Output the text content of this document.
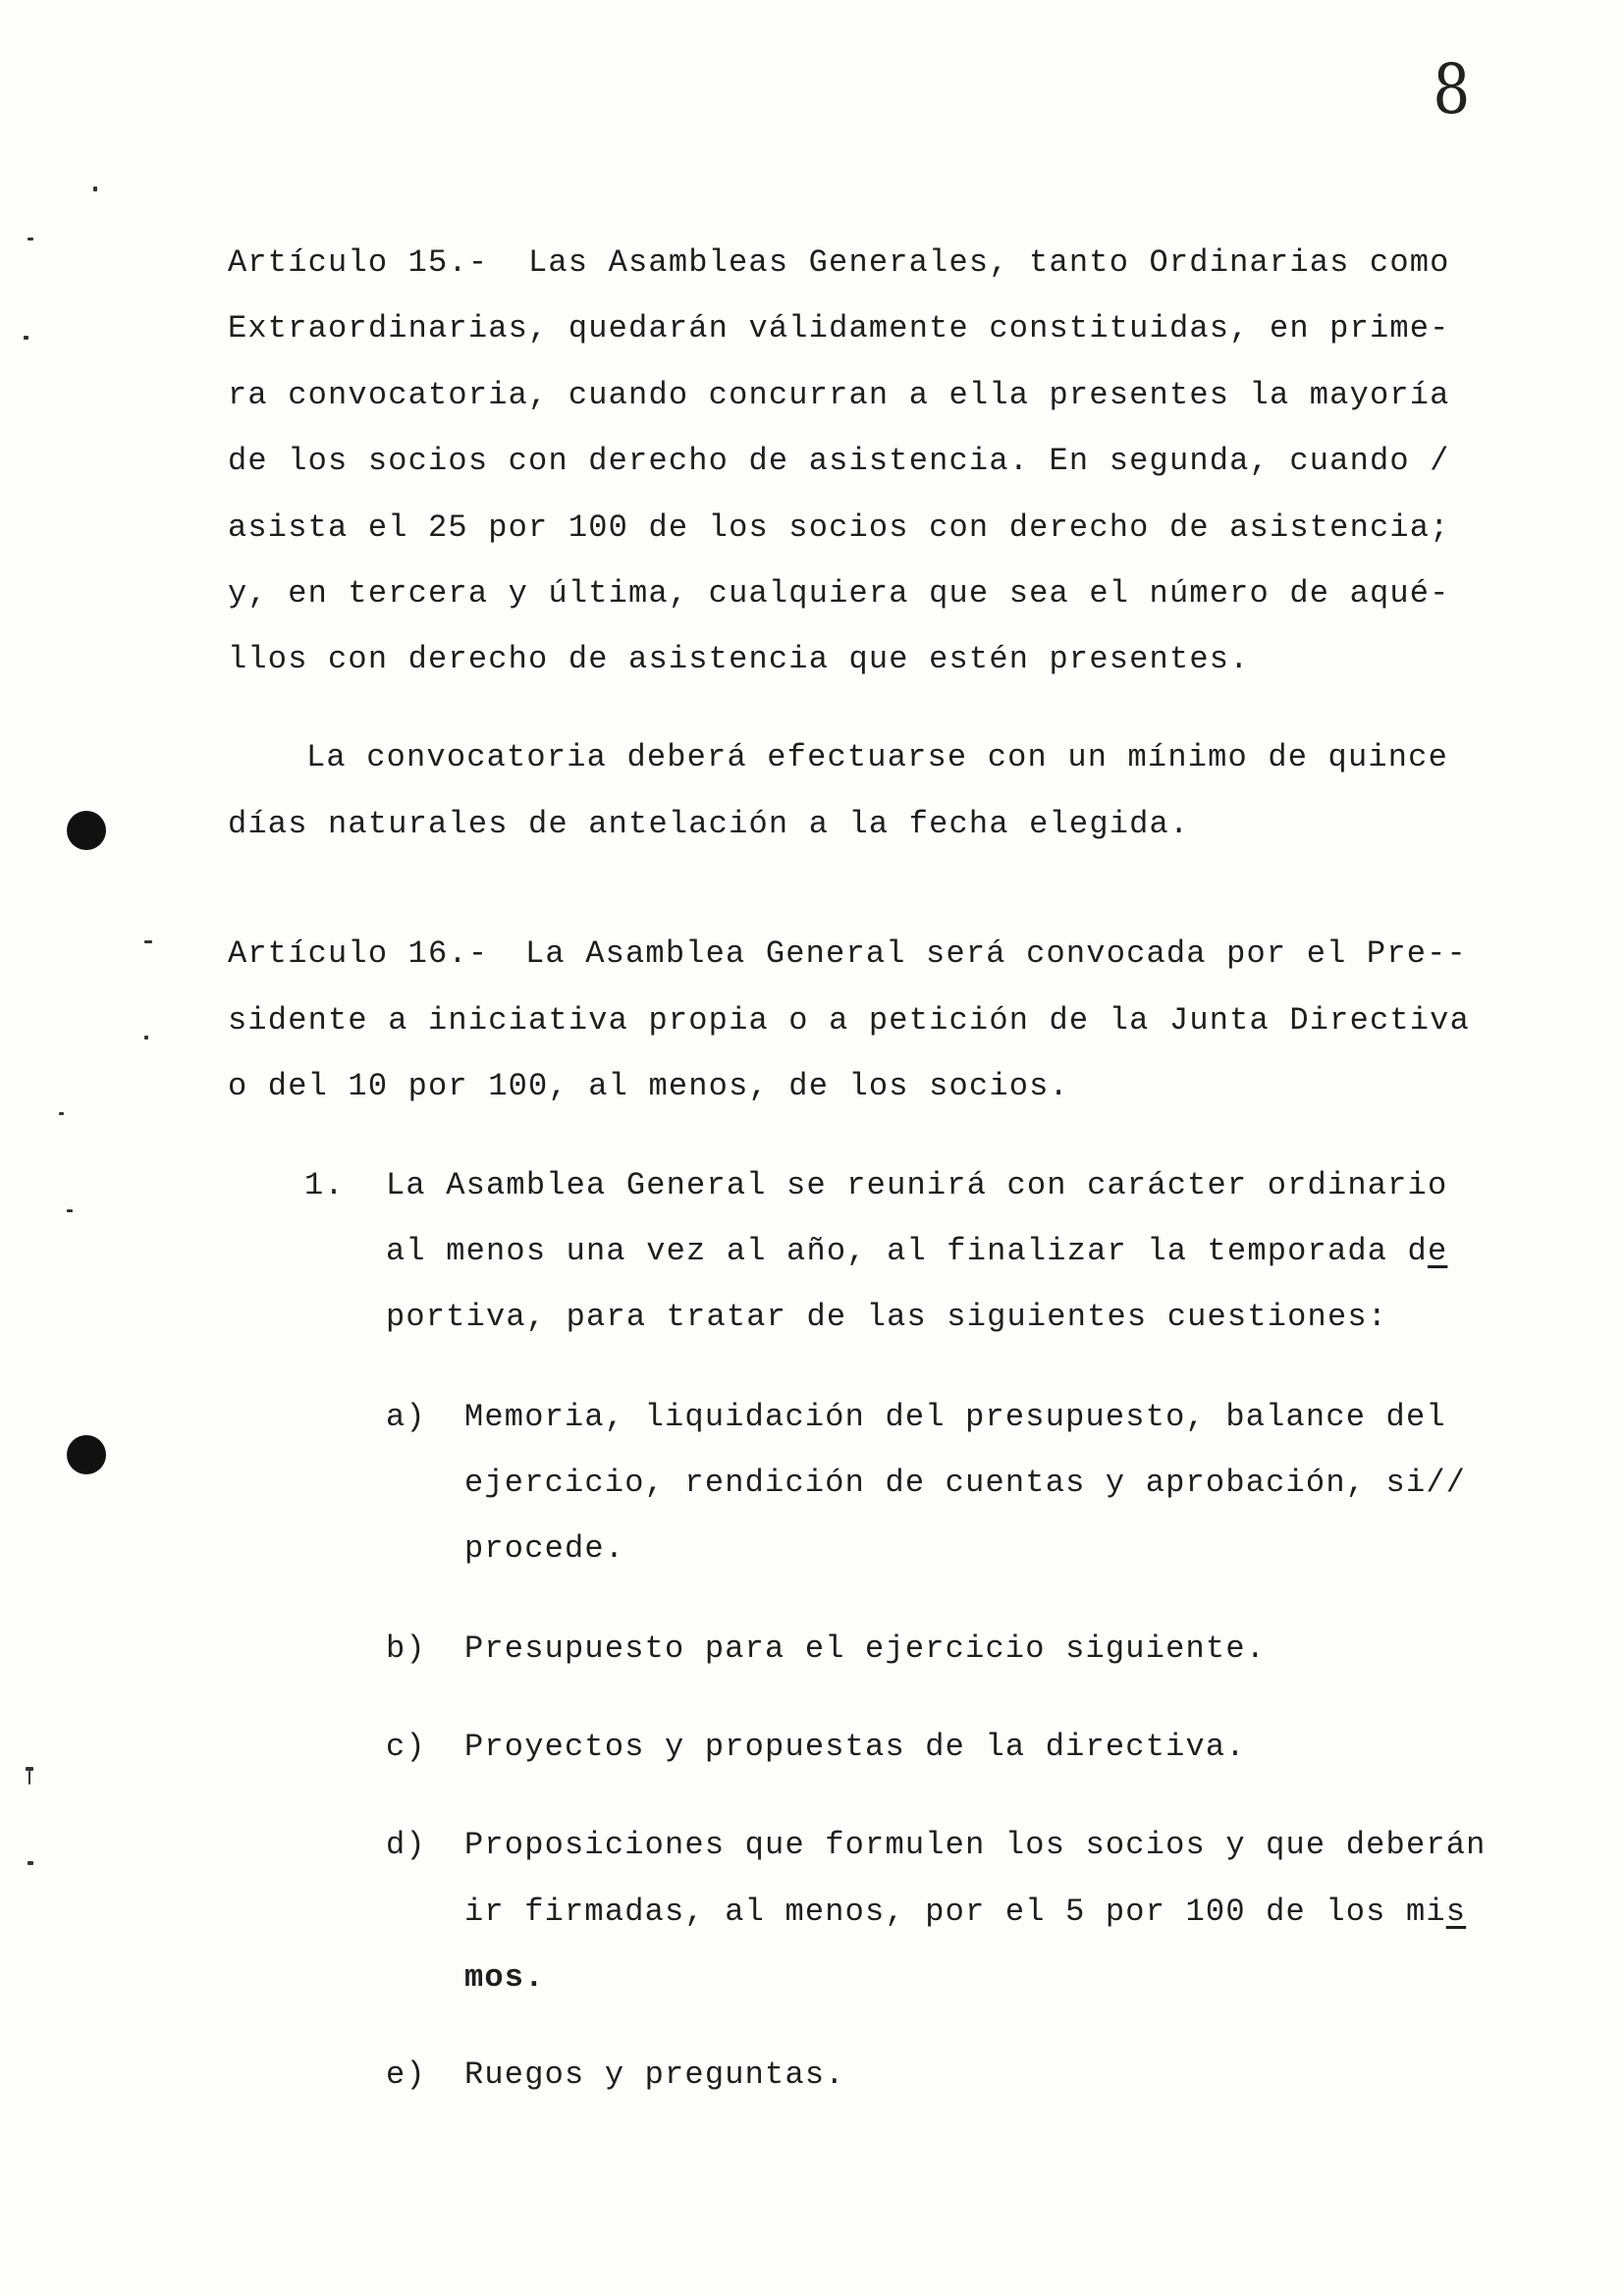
8
Artículo 15.- Las Asambleas Generales, tanto Ordinarias como
Extraordinarias, quedarán válidamente constituidas, en prime-
ra convocatoria, cuando concurran a ella presentes la mayoría
de los socios con derecho de asistencia. En segunda, cuando /
asista el 25 por 100 de los socios con derecho de asistencia;
y, en tercera y última, cualquiera que sea el número de aqué-
llos con derecho de asistencia que estén presentes.
La convocatoria deberá efectuarse con un mínimo de quince
días naturales de antelación a la fecha elegida.
Artículo 16.- La Asamblea General será convocada por el Pre--
sidente a iniciativa propia o a petición de la Junta Directiva
o del 10 por 100, al menos, de los socios.
1. La Asamblea General se reunirá con carácter ordinario
al menos una vez al año, al finalizar la temporada de
portiva, para tratar de las siguientes cuestiones:
a) Memoria, liquidación del presupuesto, balance del
ejercicio, rendición de cuentas y aprobación, si//
procede.
b) Presupuesto para el ejercicio siguiente.
c) Proyectos y propuestas de la directiva.
d) Proposiciones que formulen los socios y que deberán
ir firmadas, al menos, por el 5 por 100 de los mis
mos.
e) Ruegos y preguntas.
